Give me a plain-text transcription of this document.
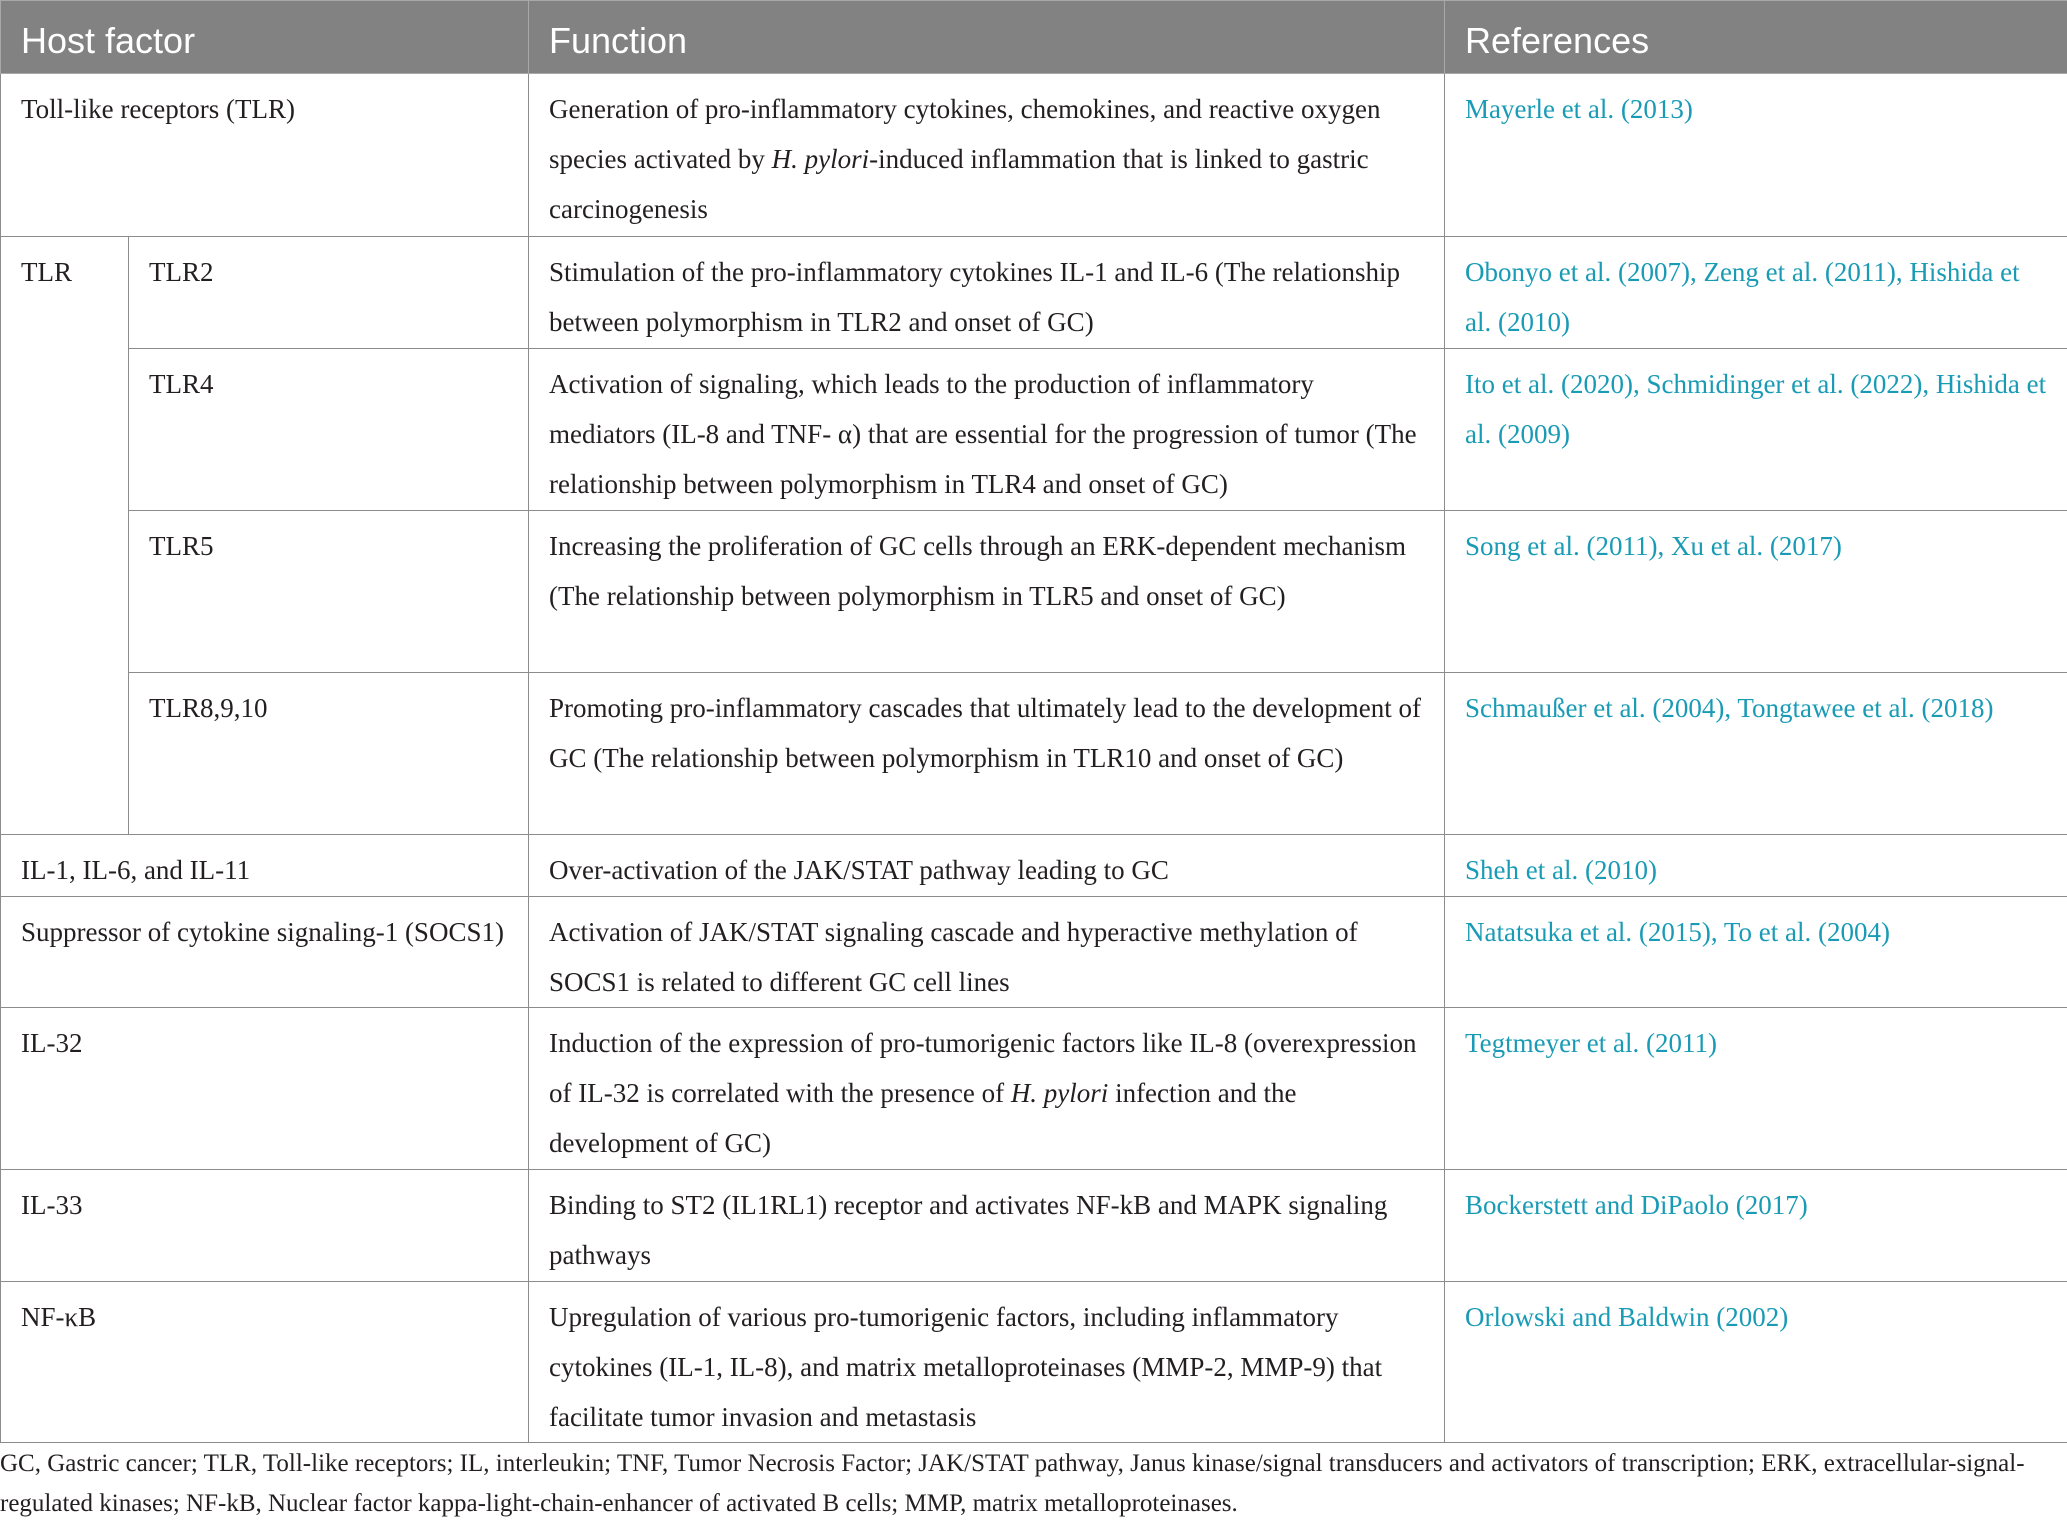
Host factor		Function	References
Toll-like receptors (TLR)		Generation of pro-inflammatory cytokines, chemokines, and reactive oxygen species activated by H. pylori-induced inflammation that is linked to gastric carcinogenesis	Mayerle et al. (2013)
TLR	TLR2	Stimulation of the pro-inflammatory cytokines IL-1 and IL-6 (The relationship between polymorphism in TLR2 and onset of GC)	Obonyo et al. (2007), Zeng et al. (2011), Hishida et al. (2010)
	TLR4	Activation of signaling, which leads to the production of inflammatory mediators (IL-8 and TNF- α) that are essential for the progression of tumor (The relationship between polymorphism in TLR4 and onset of GC)	Ito et al. (2020), Schmidinger et al. (2022), Hishida et al. (2009)
	TLR5	Increasing the proliferation of GC cells through an ERK-dependent mechanism (The relationship between polymorphism in TLR5 and onset of GC)	Song et al. (2011), Xu et al. (2017)
	TLR8,9,10	Promoting pro-inflammatory cascades that ultimately lead to the development of GC (The relationship between polymorphism in TLR10 and onset of GC)	Schmaußer et al. (2004), Tongtawee et al. (2018)
IL-1, IL-6, and IL-11		Over-activation of the JAK/STAT pathway leading to GC	Sheh et al. (2010)
Suppressor of cytokine signaling-1 (SOCS1)		Activation of JAK/STAT signaling cascade and hyperactive methylation of SOCS1 is related to different GC cell lines	Natatsuka et al. (2015), To et al. (2004)
IL-32		Induction of the expression of pro-tumorigenic factors like IL-8 (overexpression of IL-32 is correlated with the presence of H. pylori infection and the development of GC)	Tegtmeyer et al. (2011)
IL-33		Binding to ST2 (IL1RL1) receptor and activates NF-kB and MAPK signaling pathways	Bockerstett and DiPaolo (2017)
NF-κB		Upregulation of various pro-tumorigenic factors, including inflammatory cytokines (IL-1, IL-8), and matrix metalloproteinases (MMP-2, MMP-9) that facilitate tumor invasion and metastasis	Orlowski and Baldwin (2002)
GC, Gastric cancer; TLR, Toll-like receptors; IL, interleukin; TNF, Tumor Necrosis Factor; JAK/STAT pathway, Janus kinase/signal transducers and activators of transcription; ERK, extracellular-signal-regulated kinases; NF-kB, Nuclear factor kappa-light-chain-enhancer of activated B cells; MMP, matrix metalloproteinases.
